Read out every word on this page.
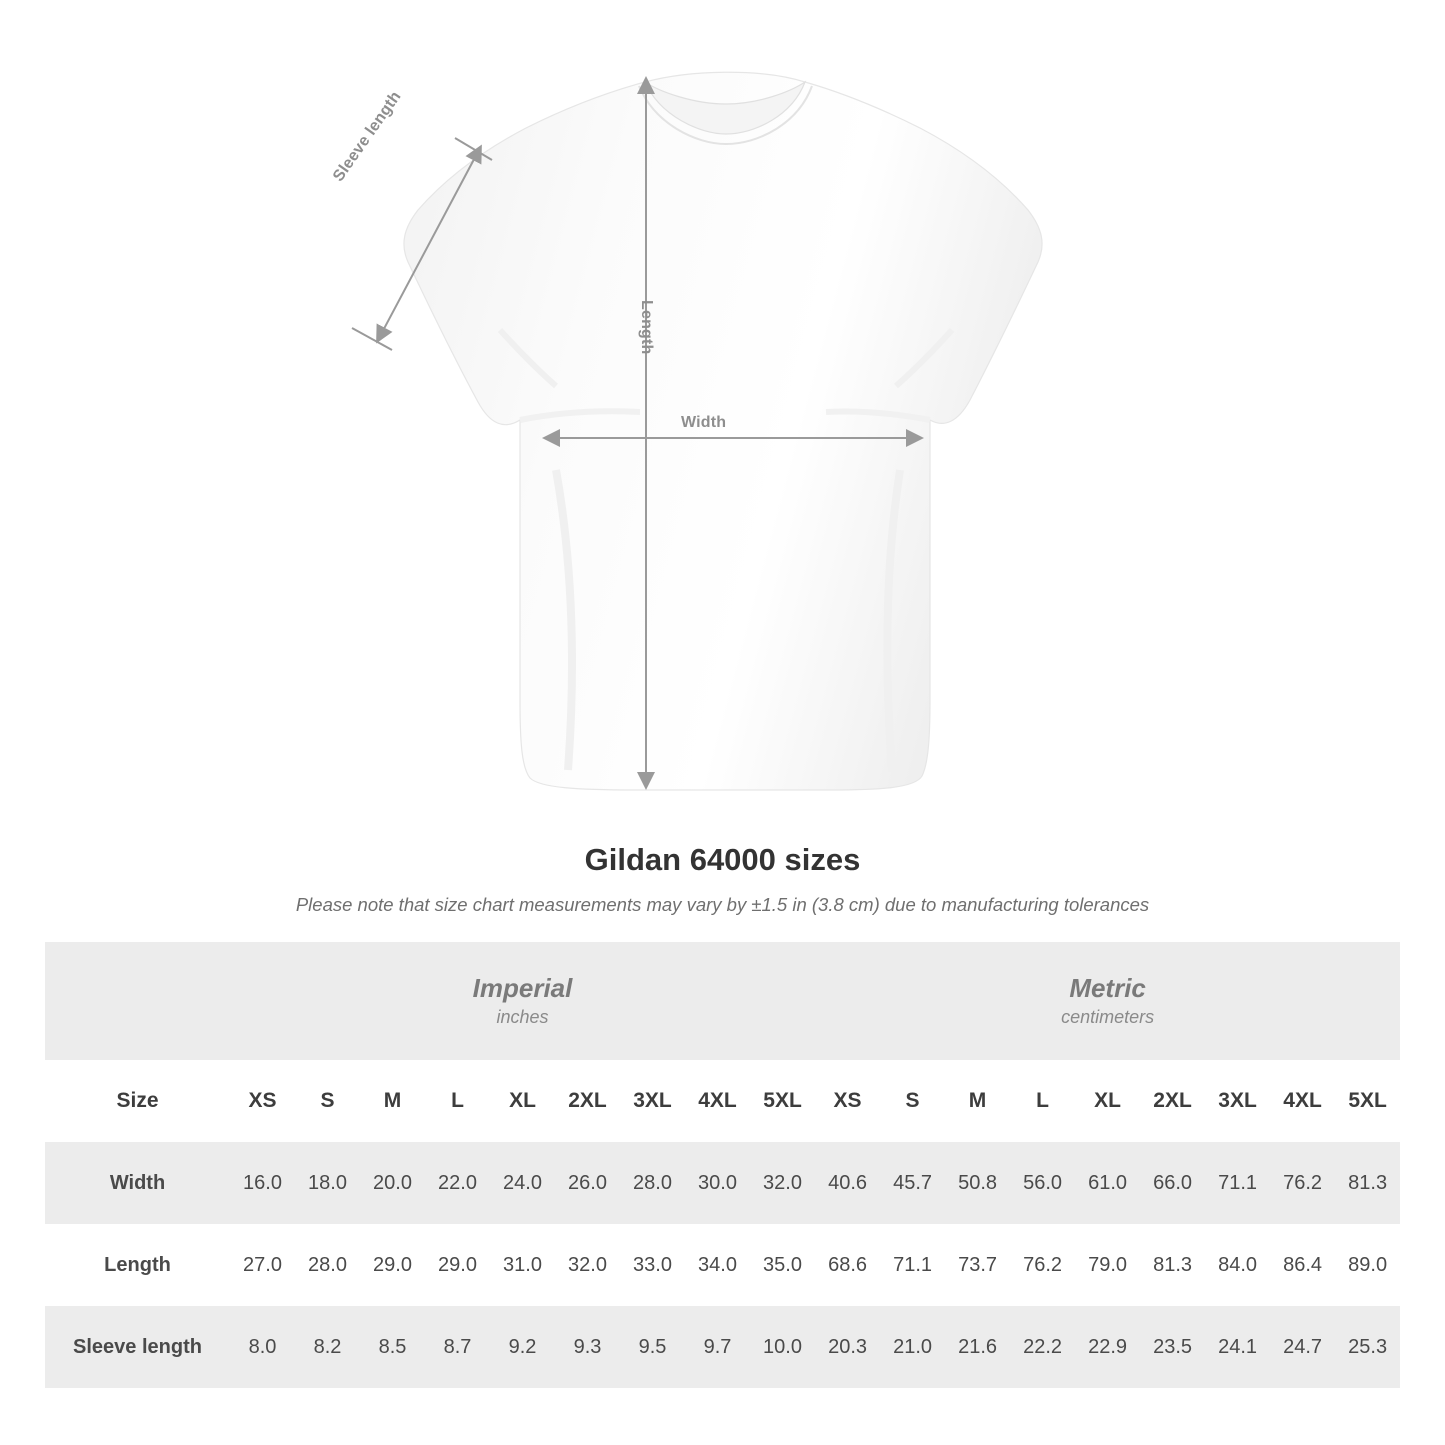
Sleeve length
Length
Width
Gildan 64000 sizes

Please note that size chart measurements may vary by ±1.5 in (3.8 cm) due to manufacturing tolerances

Imperial
inches

Metric
centimeters

Size	XS	S	M	L	XL	2XL	3XL	4XL	5XL	XS	S	M	L	XL	2XL	3XL	4XL	5XL
Width	16.0	18.0	20.0	22.0	24.0	26.0	28.0	30.0	32.0	40.6	45.7	50.8	56.0	61.0	66.0	71.1	76.2	81.3
Length	27.0	28.0	29.0	29.0	31.0	32.0	33.0	34.0	35.0	68.6	71.1	73.7	76.2	79.0	81.3	84.0	86.4	89.0
Sleeve length	8.0	8.2	8.5	8.7	9.2	9.3	9.5	9.7	10.0	20.3	21.0	21.6	22.2	22.9	23.5	24.1	24.7	25.3
